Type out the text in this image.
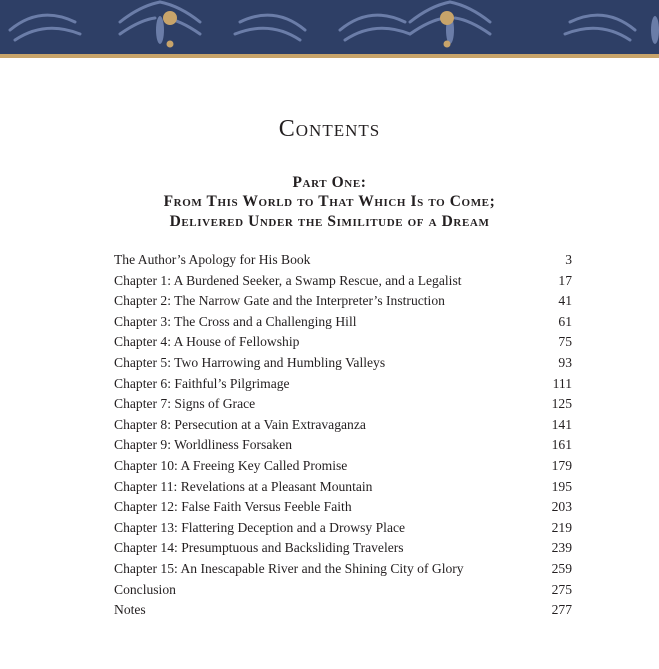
Contents

Part One:

From This World to That Which Is to Come;

Delivered Under the Similitude of a Dream

The Author’s Apology for His Book	3
Chapter 1: A Burdened Seeker, a Swamp Rescue, and a Legalist	17
Chapter 2: The Narrow Gate and the Interpreter’s Instruction	41
Chapter 3: The Cross and a Challenging Hill	61
Chapter 4: A House of Fellowship	75
Chapter 5: Two Harrowing and Humbling Valleys	93
Chapter 6: Faithful’s Pilgrimage	111
Chapter 7: Signs of Grace	125
Chapter 8: Persecution at a Vain Extravaganza	141
Chapter 9: Worldliness Forsaken	161
Chapter 10: A Freeing Key Called Promise	179
Chapter 11: Revelations at a Pleasant Mountain	195
Chapter 12: False Faith Versus Feeble Faith	203
Chapter 13: Flattering Deception and a Drowsy Place	219
Chapter 14: Presumptuous and Backsliding Travelers	239
Chapter 15: An Inescapable River and the Shining City of Glory	259
Conclusion	275
Notes	277
